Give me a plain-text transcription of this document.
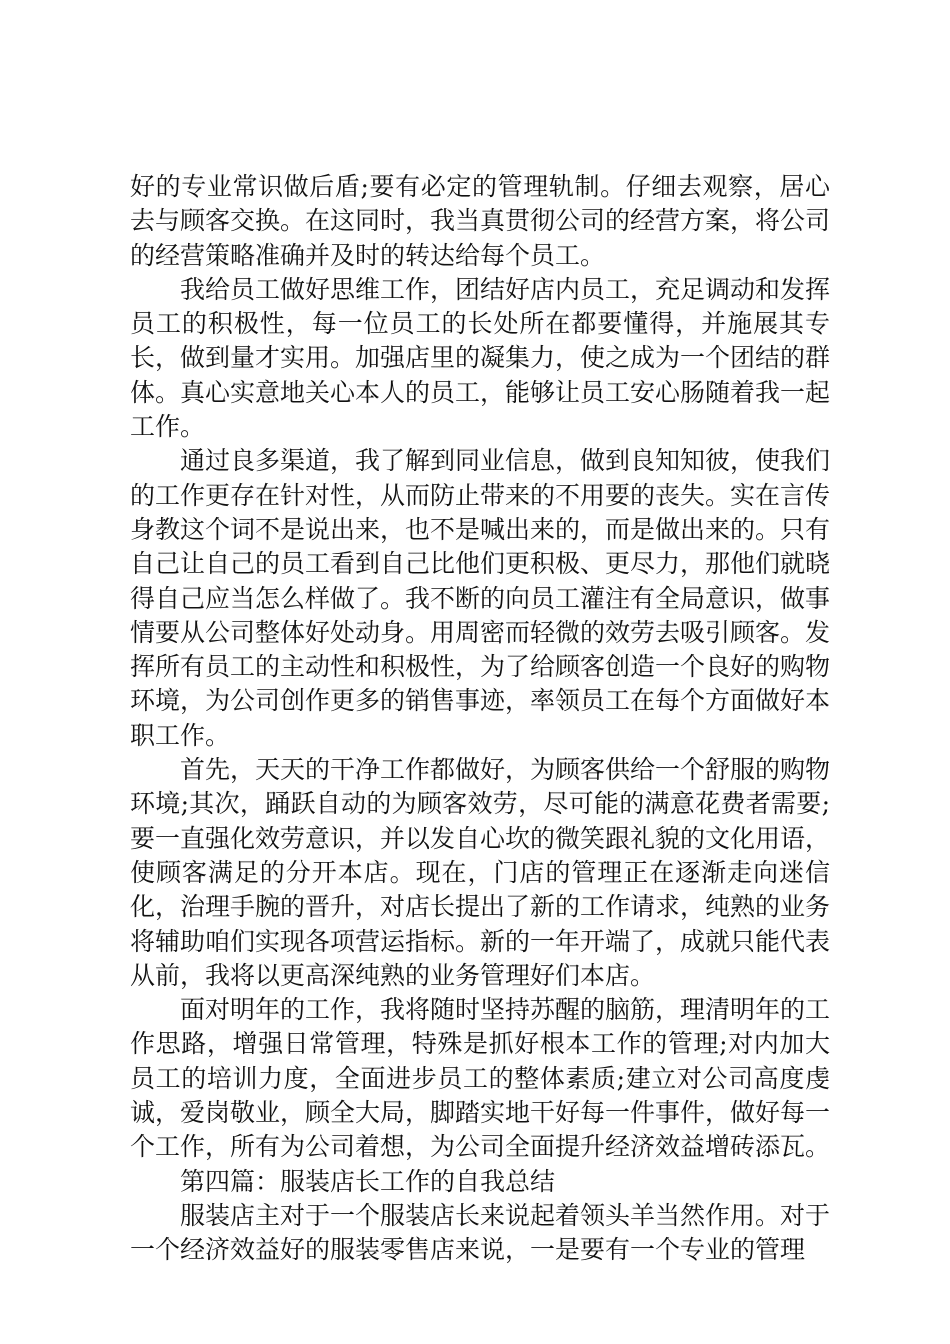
好的专业常识做后盾;要有必定的管理轨制。仔细去观察，居心去与顾客交换。在这同时，我当真贯彻公司的经营方案，将公司的经营策略准确并及时的转达给每个员工。

我给员工做好思维工作，团结好店内员工，充足调动和发挥员工的积极性，每一位员工的长处所在都要懂得，并施展其专长，做到量才实用。加强店里的凝集力，使之成为一个团结的群体。真心实意地关心本人的员工，能够让员工安心肠随着我一起工作。

通过良多渠道，我了解到同业信息，做到良知知彼，使我们的工作更存在针对性，从而防止带来的不用要的丧失。实在言传身教这个词不是说出来，也不是喊出来的，而是做出来的。只有自己让自己的员工看到自己比他们更积极、更尽力，那他们就晓得自己应当怎么样做了。我不断的向员工灌注有全局意识，做事情要从公司整体好处动身。用周密而轻微的效劳去吸引顾客。发挥所有员工的主动性和积极性，为了给顾客创造一个良好的购物环境，为公司创作更多的销售事迹，率领员工在每个方面做好本职工作。

首先，天天的干净工作都做好，为顾客供给一个舒服的购物环境;其次，踊跃自动的为顾客效劳，尽可能的满意花费者需要;要一直强化效劳意识，并以发自心坎的微笑跟礼貌的文化用语，使顾客满足的分开本店。现在，门店的管理正在逐渐走向迷信化，治理手腕的晋升，对店长提出了新的工作请求，纯熟的业务将辅助咱们实现各项营运指标。新的一年开端了，成就只能代表从前，我将以更高深纯熟的业务管理好们本店。

面对明年的工作，我将随时坚持苏醒的脑筋，理清明年的工作思路，增强日常管理，特殊是抓好根本工作的管理;对内加大员工的培训力度，全面进步员工的整体素质;建立对公司高度虔诚，爱岗敬业，顾全大局，脚踏实地干好每一件事件，做好每一个工作，所有为公司着想，为公司全面提升经济效益增砖添瓦。

第四篇：服装店长工作的自我总结

服装店主对于一个服装店长来说起着领头羊当然作用。对于一个经济效益好的服装零售店来说，一是要有一个专业的管理
